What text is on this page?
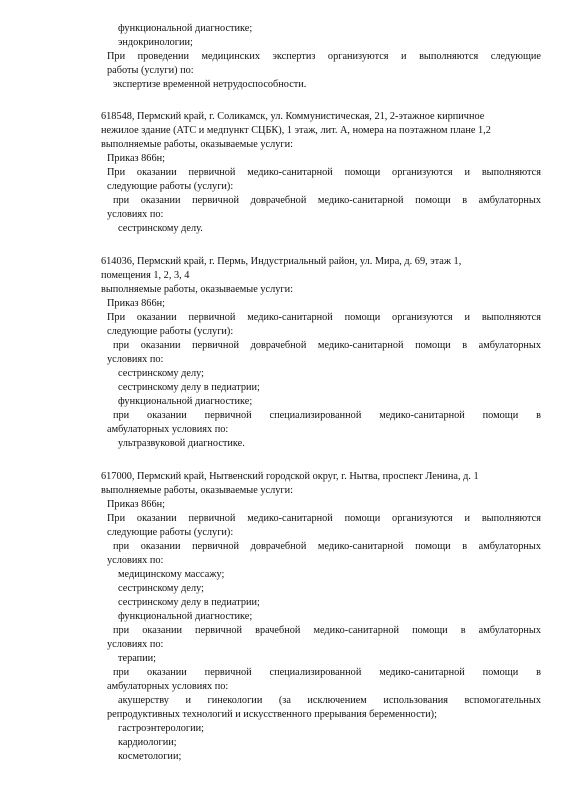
функциональной диагностике;
эндокринологии;
При проведении медицинских экспертиз организуются и выполняются следующие
работы (услуги) по:
экспертизе временной нетрудоспособности.
618548, Пермский край, г. Соликамск, ул. Коммунистическая, 21, 2-этажное кирпичное
нежилое здание (АТС и медпункт СЦБК), 1 этаж, лит. А, номера на поэтажном плане 1,2
выполняемые работы, оказываемые услуги:
Приказ 866н;
При оказании первичной медико-санитарной помощи организуются и выполняются
следующие работы (услуги):
при оказании первичной доврачебной медико-санитарной помощи в амбулаторных
условиях по:
сестринскому делу.
614036, Пермский край, г. Пермь, Индустриальный район, ул. Мира, д. 69, этаж 1,
помещения 1, 2, 3, 4
выполняемые работы, оказываемые услуги:
Приказ 866н;
При оказании первичной медико-санитарной помощи организуются и выполняются
следующие работы (услуги):
при оказании первичной доврачебной медико-санитарной помощи в амбулаторных
условиях по:
сестринскому делу;
сестринскому делу в педиатрии;
функциональной диагностике;
при оказании первичной специализированной медико-санитарной помощи в
амбулаторных условиях по:
ультразвуковой диагностике.
617000, Пермский край, Нытвенский городской округ, г. Нытва, проспект Ленина, д. 1
выполняемые работы, оказываемые услуги:
Приказ 866н;
При оказании первичной медико-санитарной помощи организуются и выполняются
следующие работы (услуги):
при оказании первичной доврачебной медико-санитарной помощи в амбулаторных
условиях по:
медицинскому массажу;
сестринскому делу;
сестринскому делу в педиатрии;
функциональной диагностике;
при оказании первичной врачебной медико-санитарной помощи в амбулаторных
условиях по:
терапии;
при оказании первичной специализированной медико-санитарной помощи в
амбулаторных условиях по:
акушерству и гинекологии (за исключением использования вспомогательных
репродуктивных технологий и искусственного прерывания беременности);
гастроэнтерологии;
кардиологии;
косметологии;
